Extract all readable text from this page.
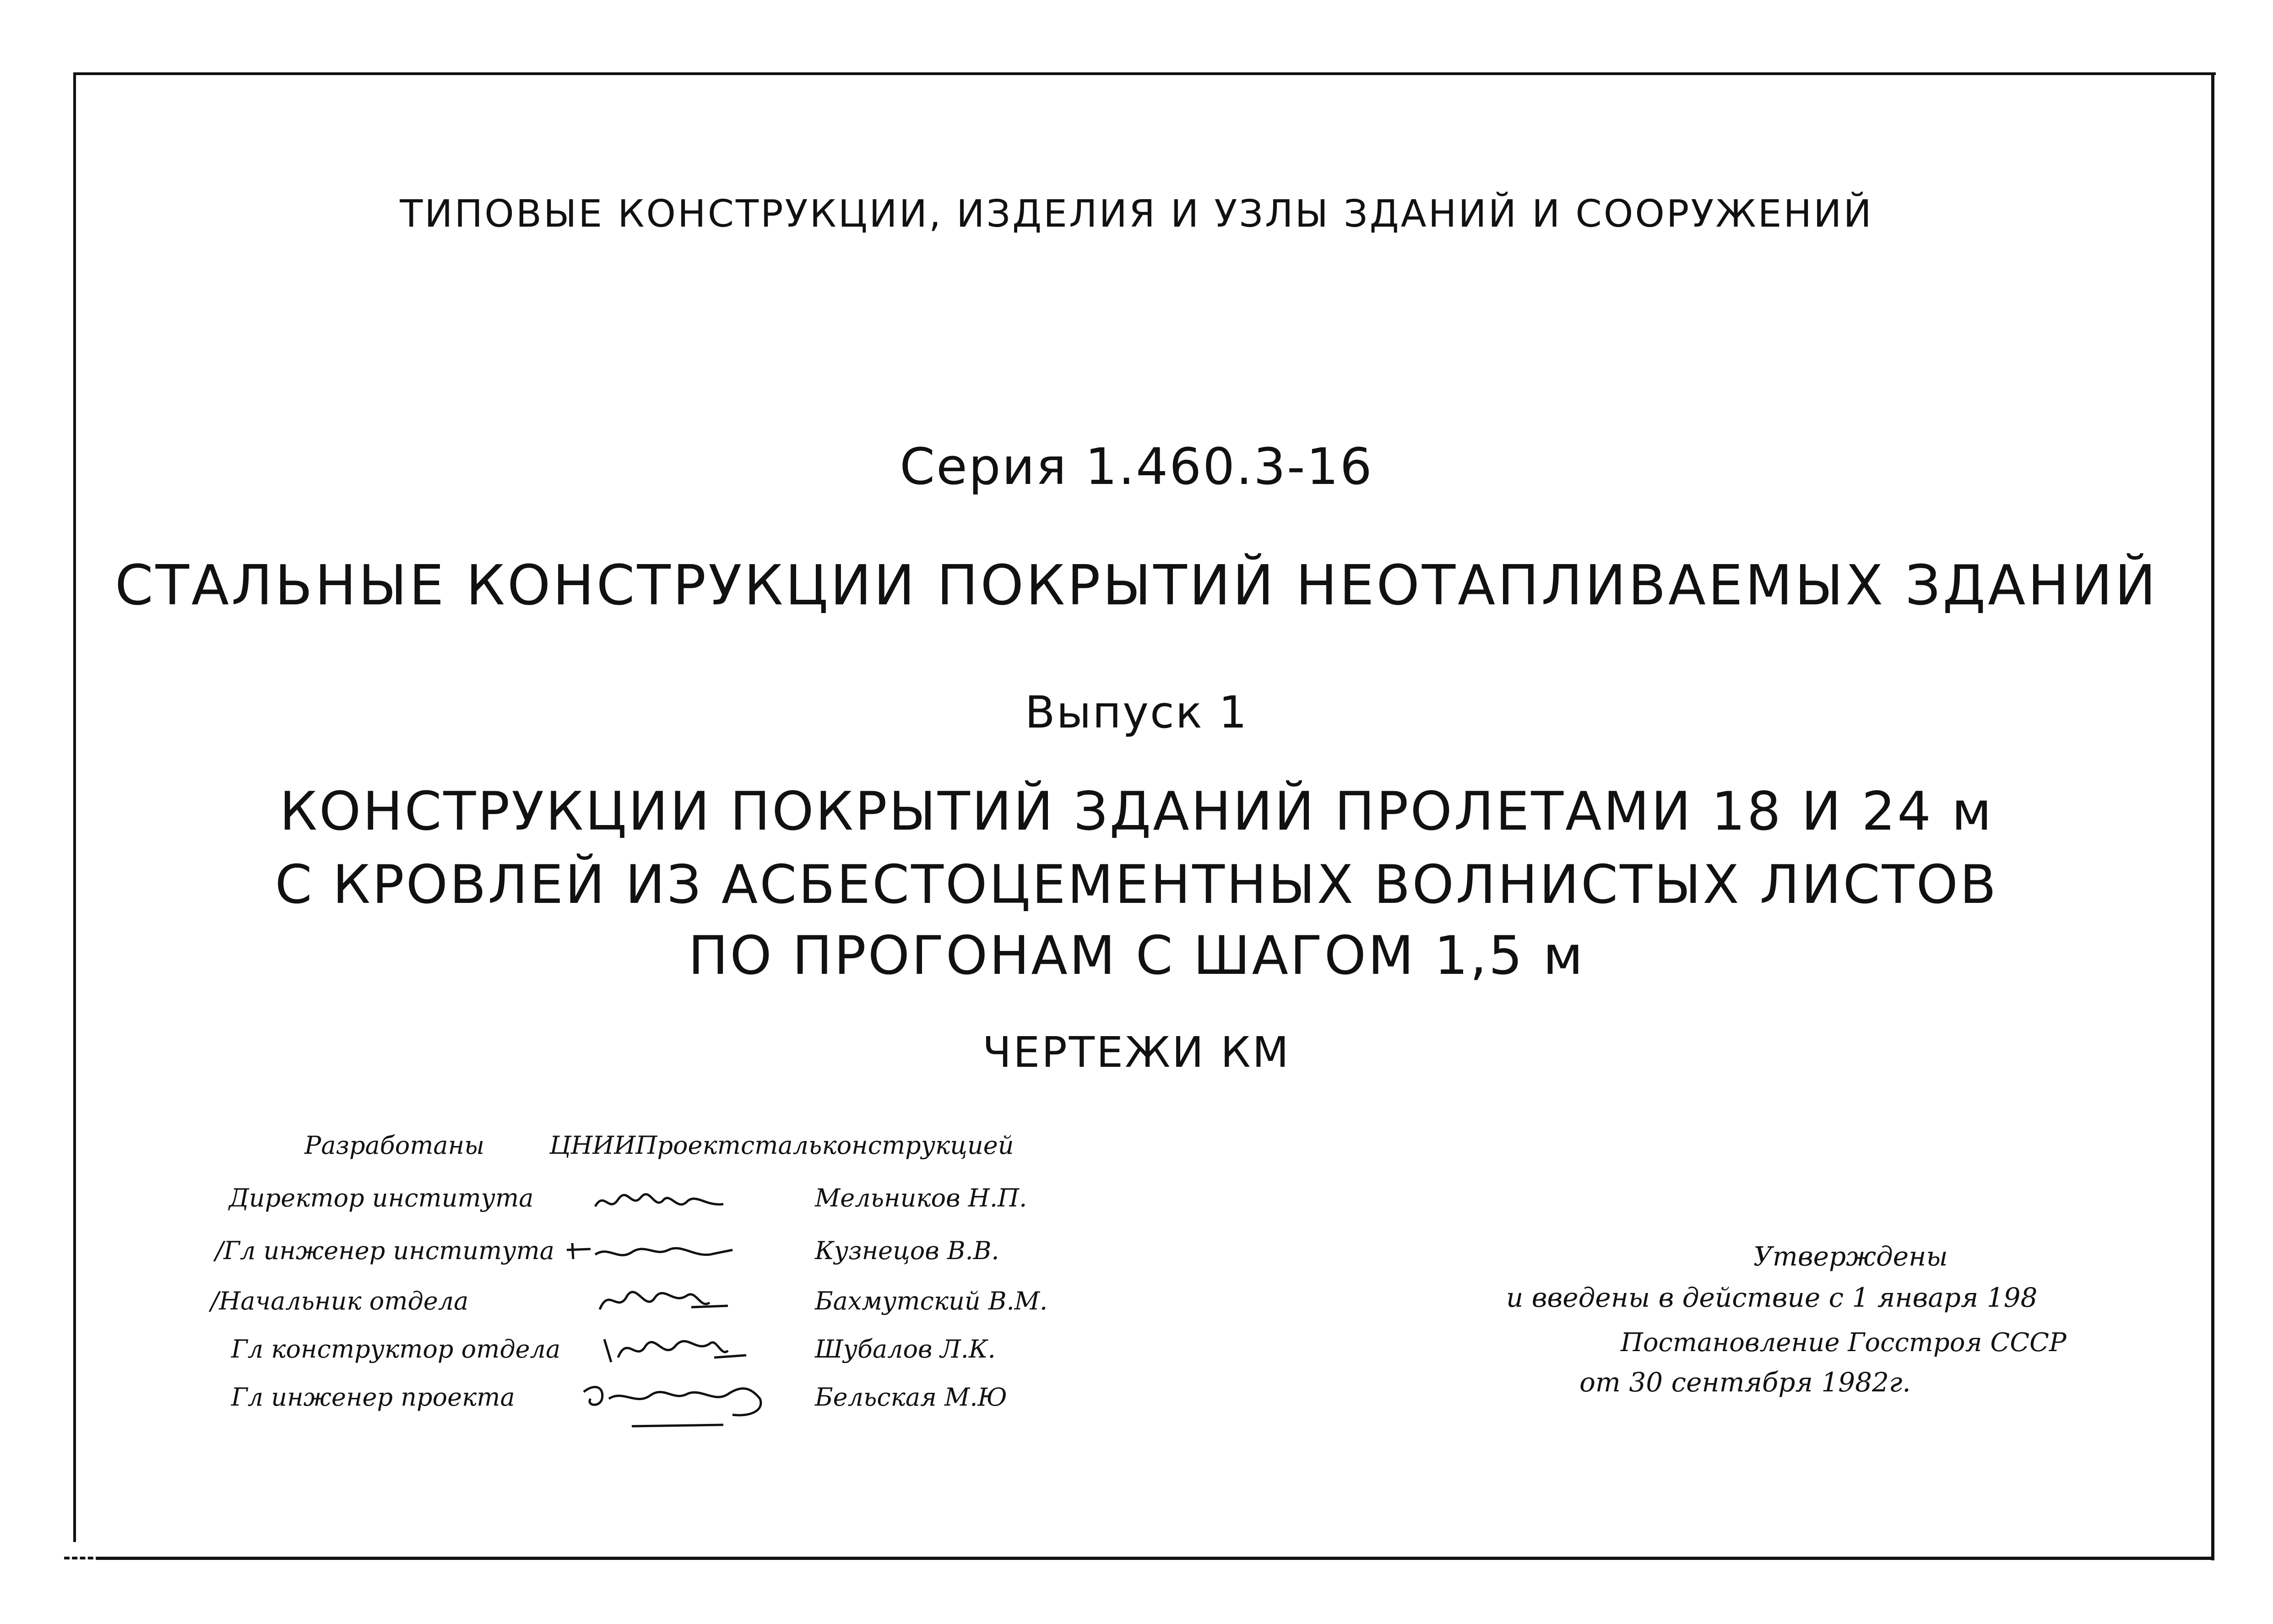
ТИПОВЫЕ КОНСТРУКЦИИ, ИЗДЕЛИЯ И УЗЛЫ ЗДАНИЙ И СООРУЖЕНИЙ
Серия 1.460.3-16
СТАЛЬНЫЕ КОНСТРУКЦИИ ПОКРЫТИЙ НЕОТАПЛИВАЕМЫХ ЗДАНИЙ
Выпуск 1
КОНСТРУКЦИИ ПОКРЫТИЙ ЗДАНИЙ ПРОЛЕТАМИ 18 И 24 м
С КРОВЛЕЙ ИЗ АСБЕСТОЦЕМЕНТНЫХ ВОЛНИСТЫХ ЛИСТОВ
ПО ПРОГОНАМ С ШАГОМ 1,5 м
ЧЕРТЕЖИ КМ
Разработаны	ЦНИИПроектстальконструкцией
Директор института	Мельников Н.П.
/Гл инженер института	Кузнецов В.В.
/Начальник отдела	Бахмутский В.М.
Гл конструктор отдела	Шубалов Л.К.
Гл инженер проекта	Бельская М.Ю
Утверждены
и введены в действие с 1 января 198
Постановление Госстроя СССР
от 30 сентября 1982г.
